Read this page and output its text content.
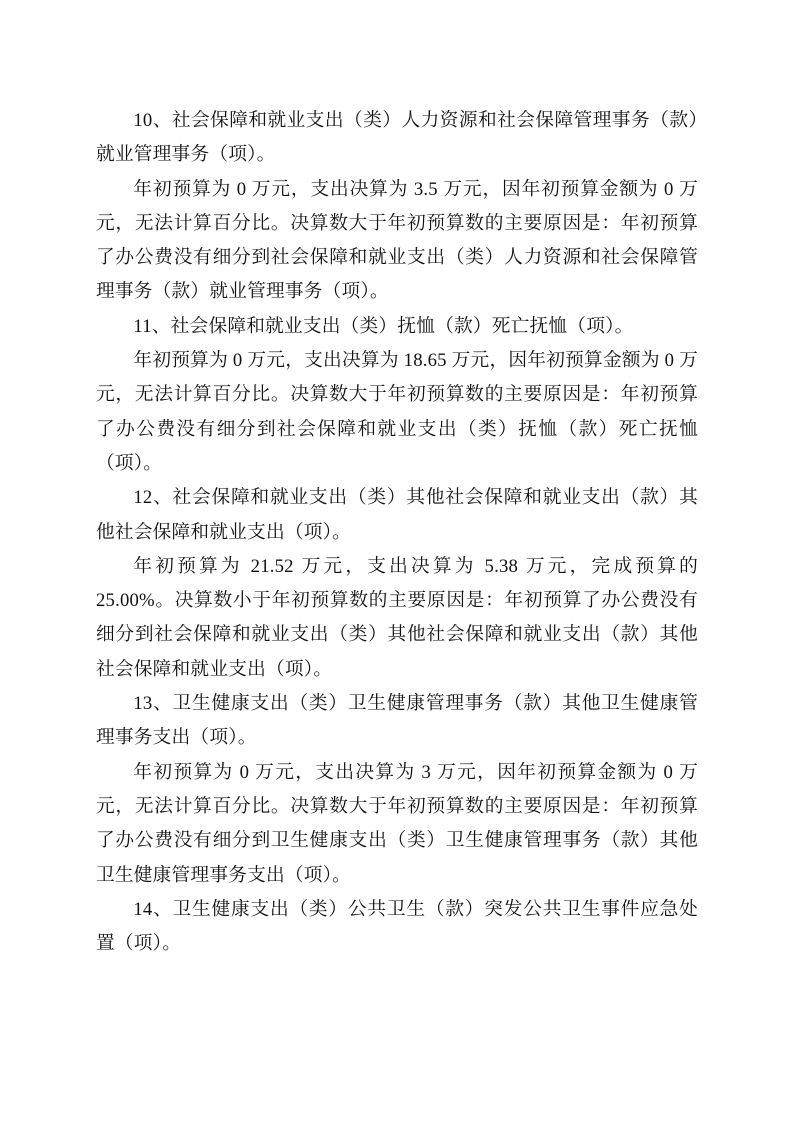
10、社会保障和就业支出（类）人力资源和社会保障管理事务（款）就业管理事务（项）。

年初预算为 0 万元，支出决算为 3.5 万元，因年初预算金额为 0 万元，无法计算百分比。决算数大于年初预算数的主要原因是：年初预算了办公费没有细分到社会保障和就业支出（类）人力资源和社会保障管理事务（款）就业管理事务（项）。

11、社会保障和就业支出（类）抚恤（款）死亡抚恤（项）。

年初预算为 0 万元，支出决算为 18.65 万元，因年初预算金额为 0 万元，无法计算百分比。决算数大于年初预算数的主要原因是：年初预算了办公费没有细分到社会保障和就业支出（类）抚恤（款）死亡抚恤（项）。

12、社会保障和就业支出（类）其他社会保障和就业支出（款）其他社会保障和就业支出（项）。

年初预算为 21.52 万元，支出决算为 5.38 万元，完成预算的 25.00%。决算数小于年初预算数的主要原因是：年初预算了办公费没有细分到社会保障和就业支出（类）其他社会保障和就业支出（款）其他社会保障和就业支出（项）。

13、卫生健康支出（类）卫生健康管理事务（款）其他卫生健康管理事务支出（项）。

年初预算为 0 万元，支出决算为 3 万元，因年初预算金额为 0 万元，无法计算百分比。决算数大于年初预算数的主要原因是：年初预算了办公费没有细分到卫生健康支出（类）卫生健康管理事务（款）其他卫生健康管理事务支出（项）。

14、卫生健康支出（类）公共卫生（款）突发公共卫生事件应急处置（项）。
